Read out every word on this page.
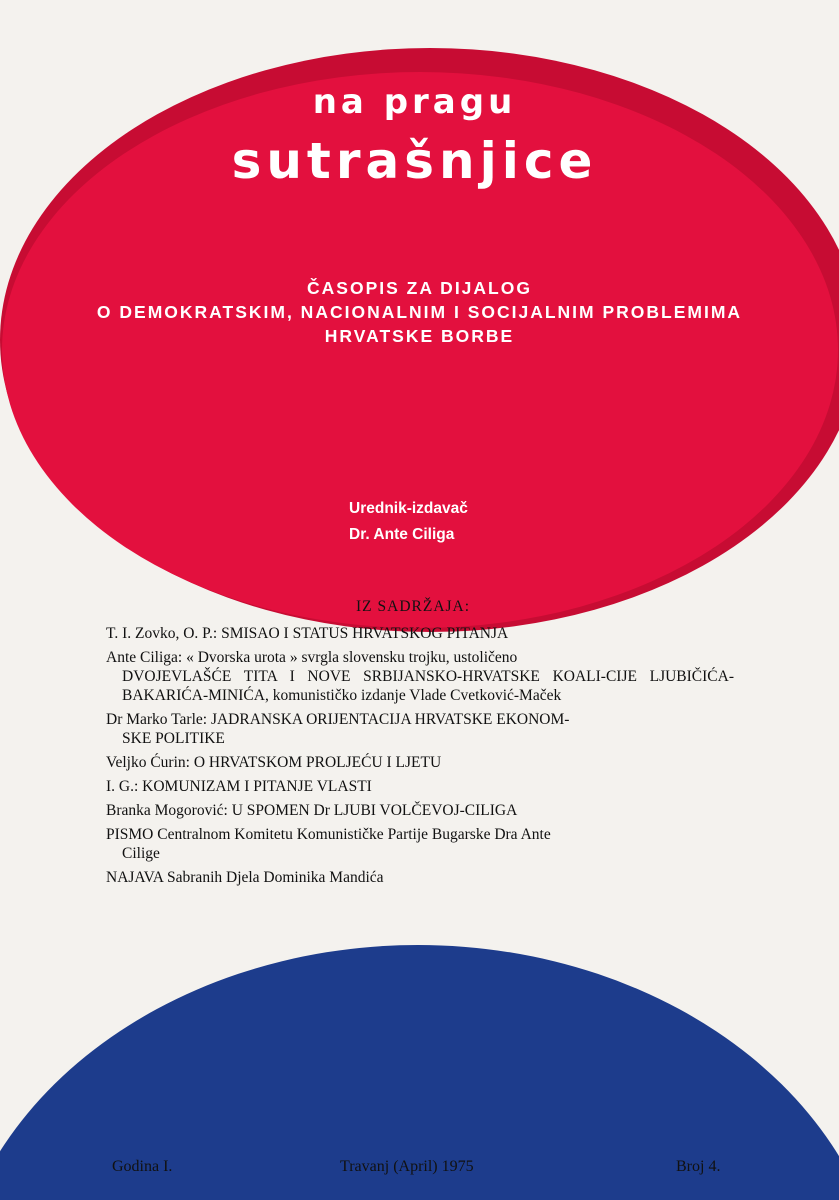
na pragu
sutrašnjice
ČASOPIS ZA DIJALOG
O DEMOKRATSKIM, NACIONALNIM I SOCIJALNIM PROBLEMIMA
HRVATSKE BORBE
Urednik-izdavač
Dr. Ante Ciliga
IZ SADRŽAJA:
T. I. Zovko, O. P.: SMISAO I STATUS HRVATSKOG PITANJA
Ante Ciliga: « Dvorska urota » svrgla slovensku trojku, ustoličeno
DVOJEVLAŠĆE TITA I NOVE SRBIJANSKO-HRVATSKE KOALI-CIJE LJUBIČIĆA-BAKARIĆA-MINIĆA, komunističko izdanje Vlade Cvetković-Maček
Dr Marko Tarle: JADRANSKA ORIJENTACIJA HRVATSKE EKONOM-
SKE POLITIKE
Veljko Ćurin: O HRVATSKOM PROLJEĆU I LJETU
I. G.: KOMUNIZAM I PITANJE VLASTI
Branka Mogorović: U SPOMEN Dr LJUBI VOLČEVOJ-CILIGA
PISMO Centralnom Komitetu Komunističke Partije Bugarske Dra Ante
Cilige
NAJAVA Sabranih Djela Dominika Mandića
Godina I.	Travanj (April) 1975	Broj 4.
